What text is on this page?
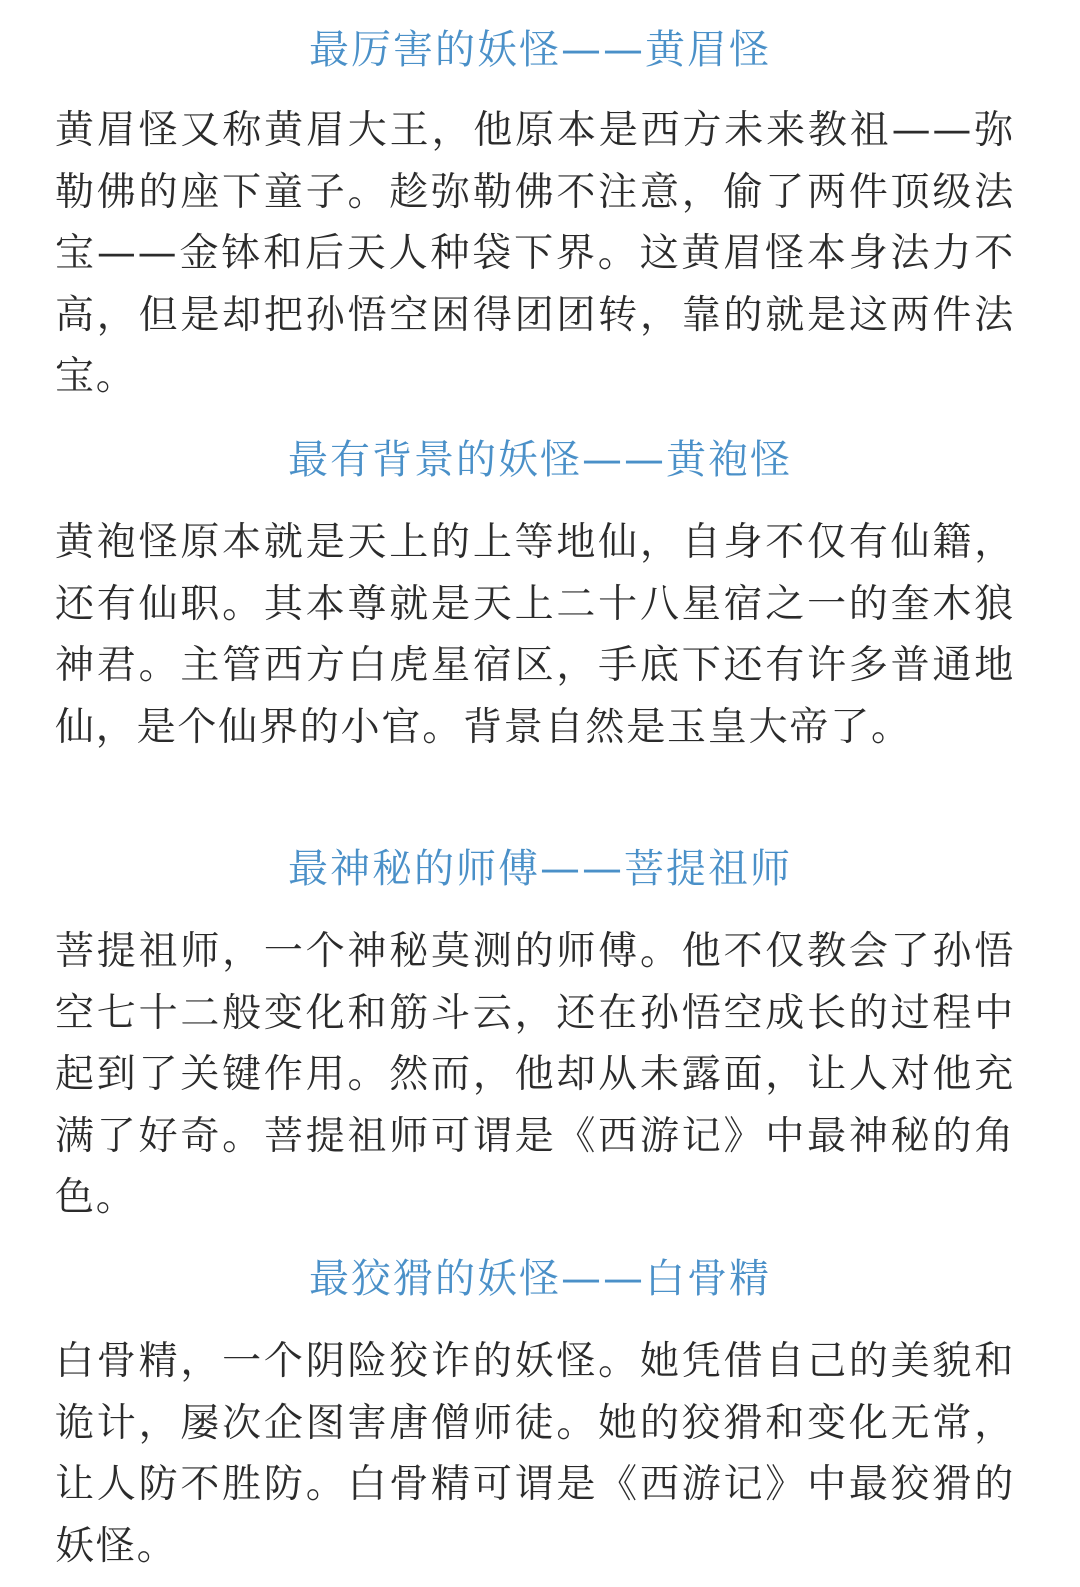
最厉害的妖怪——黄眉怪

黄眉怪又称黄眉大王，他原本是西方未来教祖——弥勒佛的座下童子。趁弥勒佛不注意，偷了两件顶级法宝——金钵和后天人种袋下界。这黄眉怪本身法力不高，但是却把孙悟空困得团团转，靠的就是这两件法宝。

最有背景的妖怪——黄袍怪

黄袍怪原本就是天上的上等地仙，自身不仅有仙籍，还有仙职。其本尊就是天上二十八星宿之一的奎木狼神君。主管西方白虎星宿区，手底下还有许多普通地仙，是个仙界的小官。背景自然是玉皇大帝了。

最神秘的师傅——菩提祖师

菩提祖师，一个神秘莫测的师傅。他不仅教会了孙悟空七十二般变化和筋斗云，还在孙悟空成长的过程中起到了关键作用。然而，他却从未露面，让人对他充满了好奇。菩提祖师可谓是《西游记》中最神秘的角色。

最狡猾的妖怪——白骨精

白骨精，一个阴险狡诈的妖怪。她凭借自己的美貌和诡计，屡次企图害唐僧师徒。她的狡猾和变化无常，让人防不胜防。白骨精可谓是《西游记》中最狡猾的妖怪。
